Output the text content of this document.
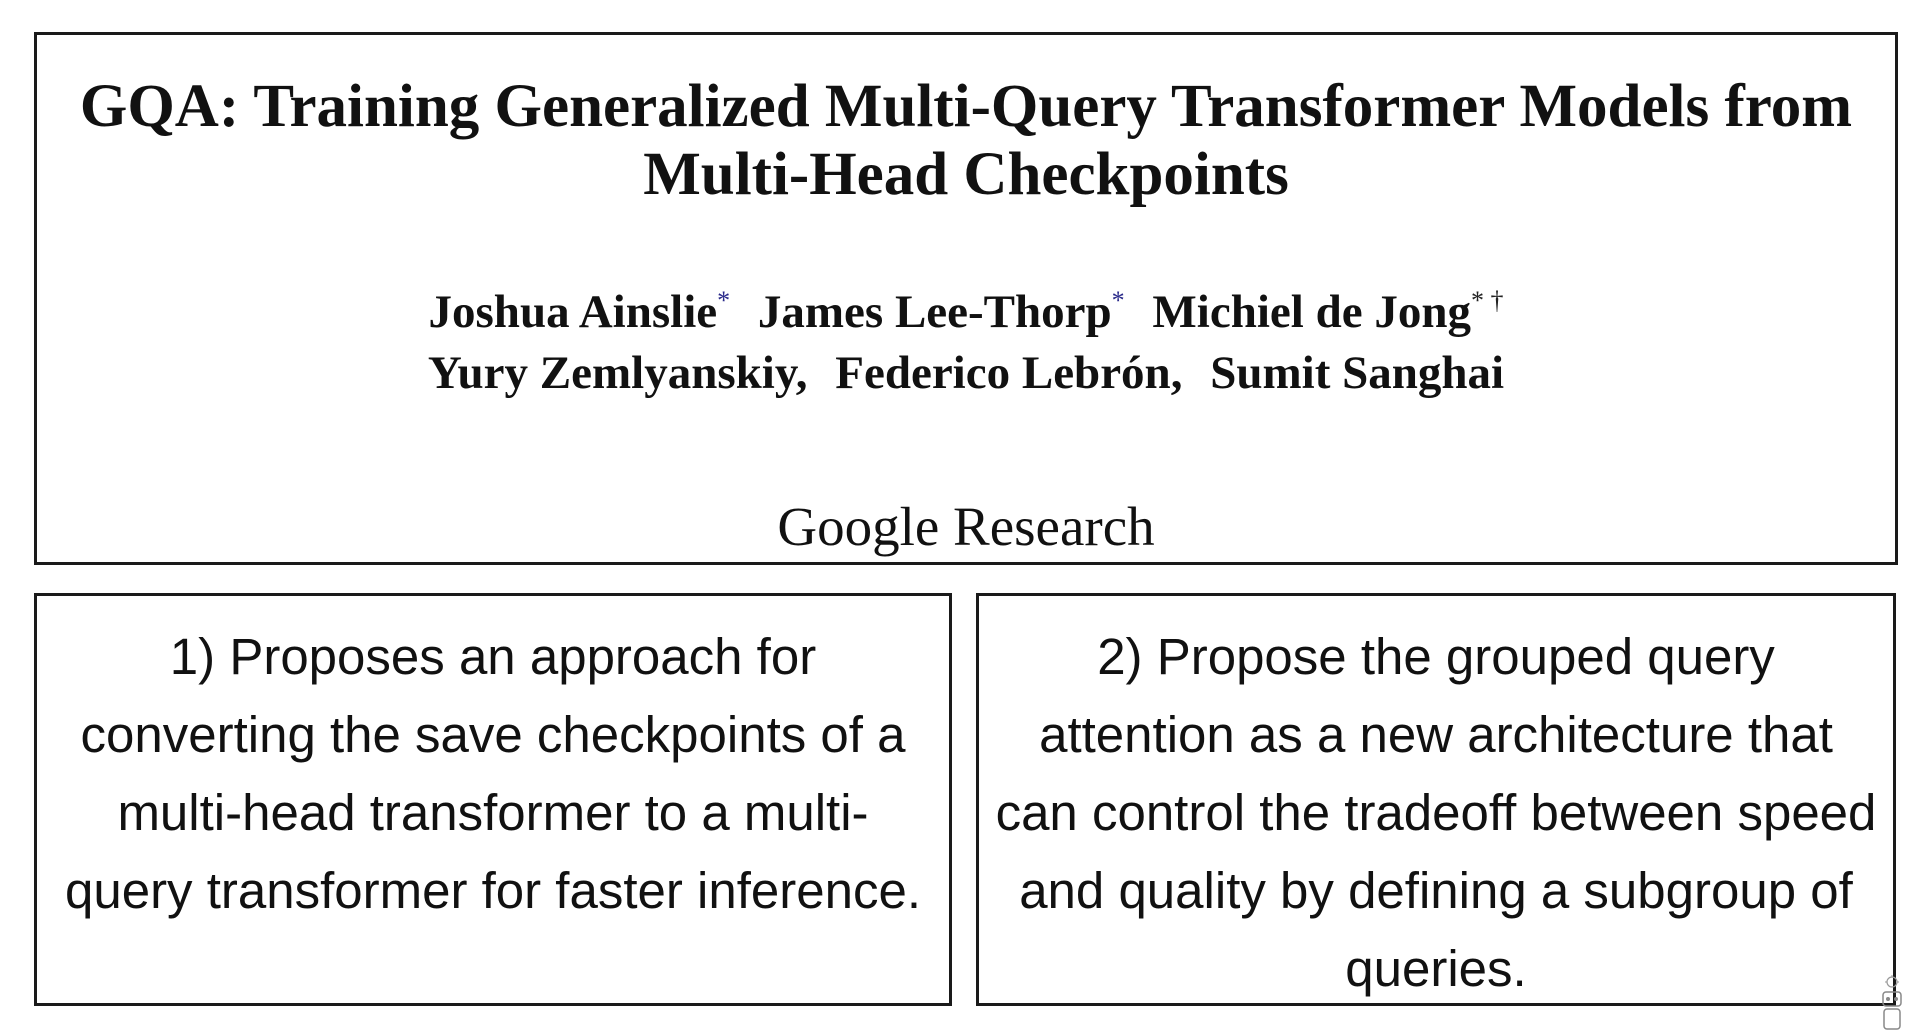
GQA: Training Generalized Multi-Query Transformer Models from
Multi-Head Checkpoints
Joshua Ainslie* James Lee-Thorp* Michiel de Jong* †
Yury Zemlyanskiy, Federico Lebrón, Sumit Sanghai
Google Research
1) Proposes an approach for converting the save checkpoints of a multi-head transformer to a multi-query transformer for faster inference.
2) Propose the grouped query attention as a new architecture that can control the tradeoff between speed and quality by defining a subgroup of queries.
